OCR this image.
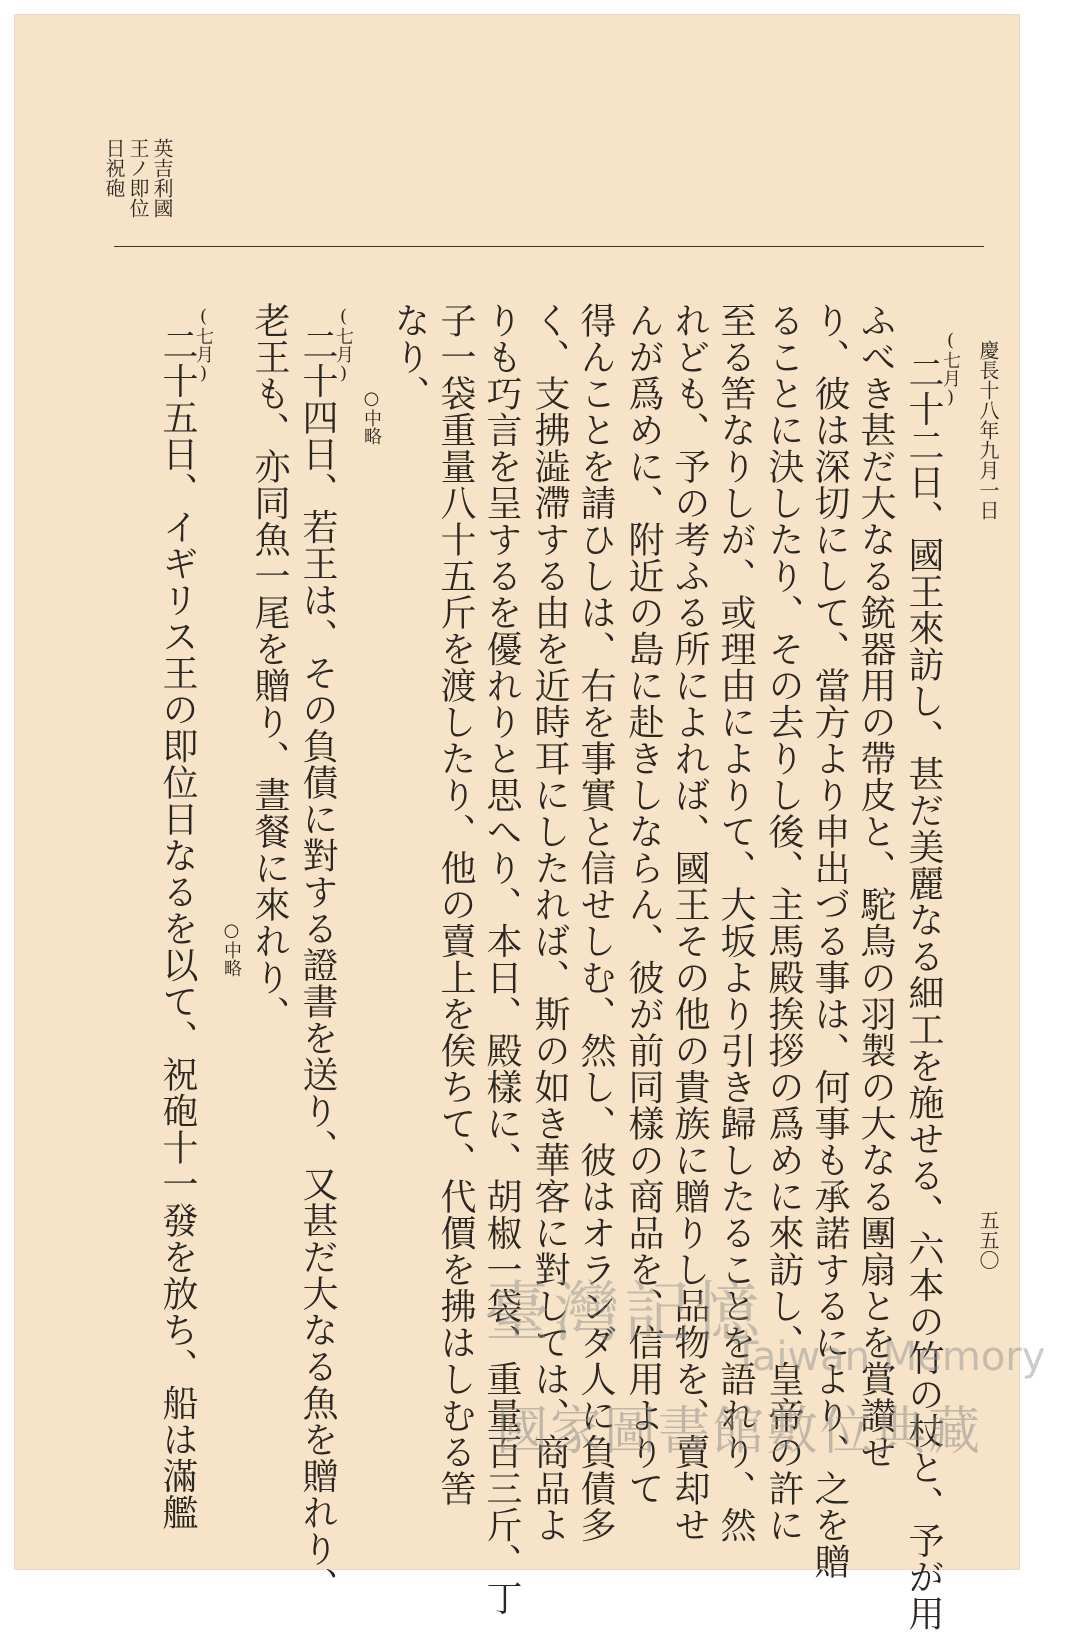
英吉利國
王ノ即位
日祝砲
慶長十八年九月一日
五五〇
(七月)
二十二日、國王來訪し、甚だ美麗なる細工を施せる、六本の竹の杖と、予が用
ふべき甚だ大なる銃器用の帶皮と、駝鳥の羽製の大なる團扇とを賞讃せ
り、彼は深切にして、當方より申出づる事は、何事も承諾するにより、之を贈
ることに決したり、その去りし後、主馬殿挨拶の爲めに來訪し、皇帝の許に
至る筈なりしが、或理由によりて、大坂より引き歸したることを語れり、然
れども、予の考ふる所によれば、國王その他の貴族に贈りし品物を、賣却せ
んが爲めに、附近の島に赴きしならん、彼が前同樣の商品を、信用よりて
得んことを請ひしは、右を事實と信せしむ、然し、彼はオランダ人に負債多
く、支拂澁滯する由を近時耳にしたれば、斯の如き華客に對しては、商品よ
りも巧言を呈するを優れりと思へり、本日、殿樣に、胡椒一袋、重量百三斤、丁
子一袋重量八十五斤を渡したり、他の賣上を俟ちて、代價を拂はしむる筈
なり、
○中略
(七月)
二十四日、若王は、その負債に對する證書を送り、又甚だ大なる魚を贈れり、
老王も、亦同魚一尾を贈り、晝餐に來れり、
○中略
(七月)
二十五日、イギリス王の即位日なるを以て、祝砲十一發を放ち、船は滿艦	臺灣記憶
Taiwan Memory
國家圖書館數位典藏
